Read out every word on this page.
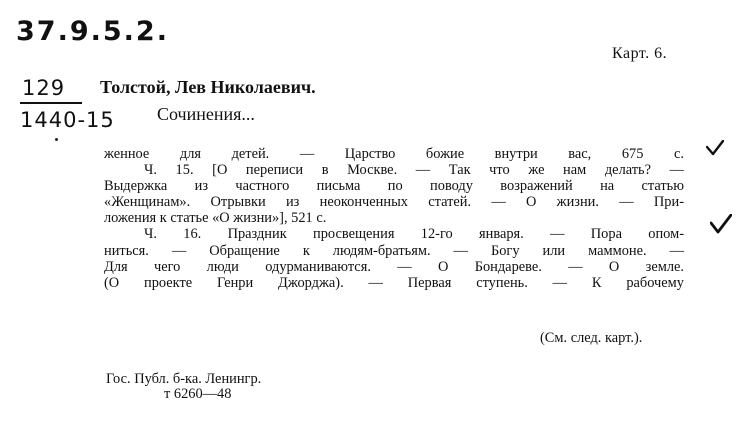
37.9.5.2.
Карт. 6.
129
1440-15
Толстой, Лев Николаевич.
Сочинения...
женное для детей. — Царство божие внутри вас, 675 с.
Ч. 15. [О переписи в Москве. — Так что же нам делать? —
Выдержка из частного письма по поводу возражений на статью
«Женщинам». Отрывки из неоконченных статей. — О жизни. — При-
ложения к статье «О жизни»], 521 с.
Ч. 16. Праздник просвещения 12-го января. — Пора опом-
ниться. — Обращение к людям-братьям. — Богу или маммоне. —
Для чего люди одурманиваются. — О Бондареве. — О земле.
(О проекте Генри Джорджа). — Первая ступень. — К рабочему
(См. след. карт.).
Гос. Публ. б-ка. Ленингр.
т 6260—48
